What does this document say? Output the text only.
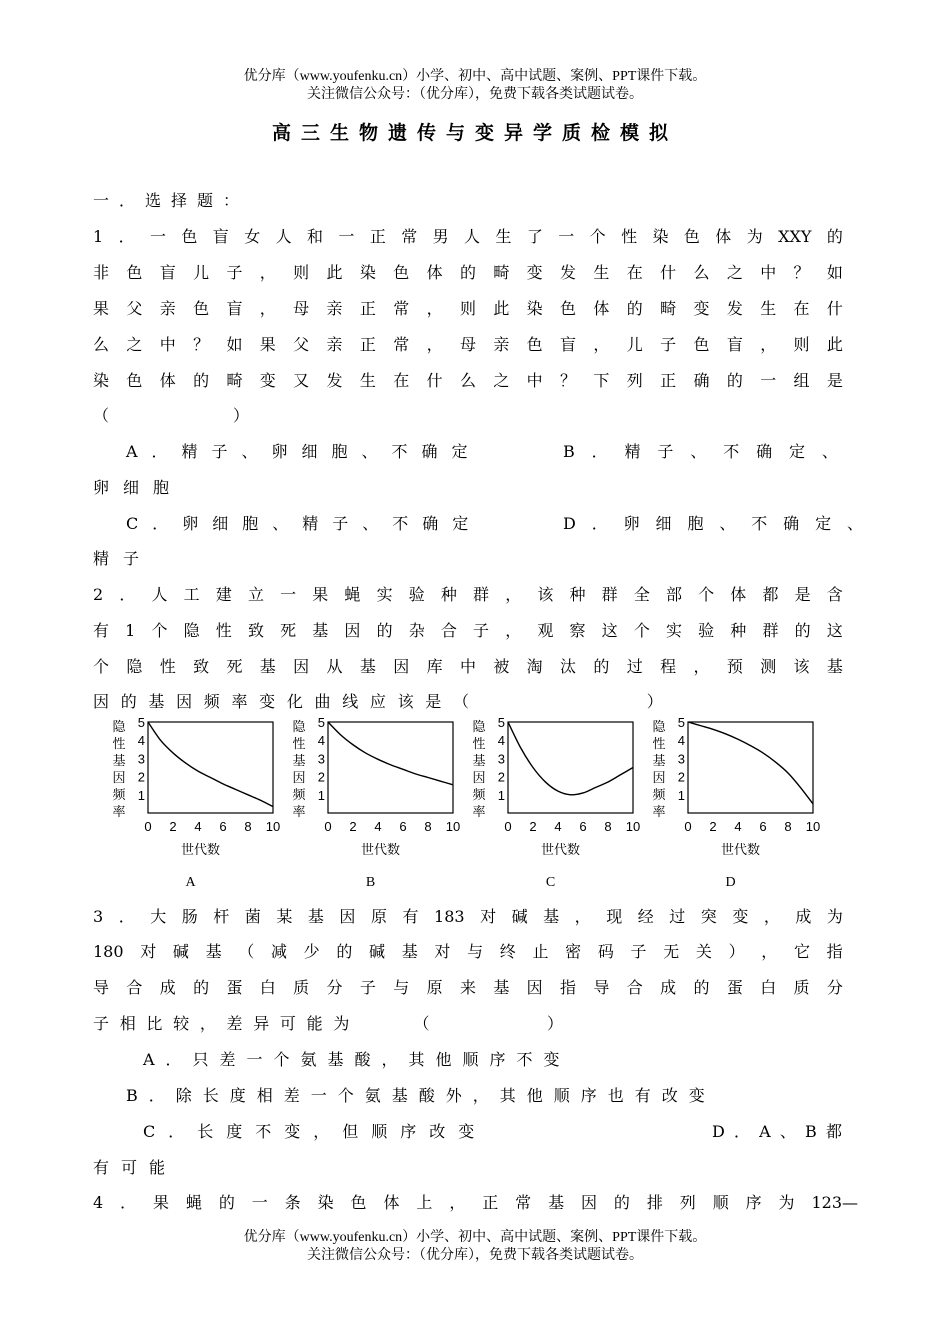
优分库（www.youfenku.cn）小学、初中、高中试题、案例、PPT课件下载。
关注微信公众号：（优分库），免费下载各类试题试卷。
高三生物遗传与变异学质检模拟
一．选择题：
1 ． 一 色 盲 女 人 和 一 正 常 男 人 生 了 一 个 性 染 色 体 为 XXY 的
非 色 盲 儿 子 ， 则 此 染 色 体 的 畸 变 发 生 在 什 么 之 中 ？ 如
果 父 亲 色 盲 ， 母 亲 正 常 ， 则 此 染 色 体 的 畸 变 发 生 在 什
么 之 中 ？ 如 果 父 亲 正 常 ， 母 亲 色 盲 ， 儿 子 色 盲 ， 则 此
染 色 体 的 畸 变 又 发 生 在 什 么 之 中 ？ 下 列 正 确 的 一 组 是
（　　　　　　）
A．精子、卵细胞、不确定	B ． 精 子 、 不 确 定 、
卵细胞
C．卵细胞、精子、不确定	D ． 卵 细 胞 、 不 确 定 、
精子
2 ． 人 工 建 立 一 果 蝇 实 验 种 群 ， 该 种 群 全 部 个 体 都 是 含
有 1 个 隐 性 致 死 基 因 的 杂 合 子 ， 观 察 这 个 实 验 种 群 的 这
个 隐 性 致 死 基 因 从 基 因 库 中 被 淘 汰 的 过 程 ， 预 测 该 基
因 的 基 因 频 率 变 化 曲 线 应 该 是 （

　	）
隐
性
基
因
频
率
1
2
3
4
5
0 2 4 6 8 10
世代数
A
隐
性
基
因
频
率
1
2
3
4
5
0 2 4 6 8 10
世代数
B
隐
性
基
因
频
率
1
2
3
4
5
0 2 4 6 8 10
世代数
C
隐
性
基
因
频
率
1
2
3
4
5
0 2 4 6 8 10
世代数
D
3 ． 大 肠 杆 菌 某 基 因 原 有 183 对 碱 基 ， 现 经 过 突 变 ， 成 为
180 对 碱 基 （ 减 少 的 碱 基 对 与 终 止 密 码 子 无 关 ） ， 它 指
导 合 成 的 蛋 白 质 分 子 与 原 来 基 因 指 导 合 成 的 蛋 白 质 分
子 相 比 较 ， 差 异 可 能 为

　	（

　	）
A．只差一个氨基酸，其他顺序不变
B．除长度相差一个氨基酸外，其他顺序也有改变
C．长度不变，但顺序改变	D ． A 、 B 都
有可能
4 ． 果 蝇 的 一 条 染 色 体 上 ， 正 常 基 因 的 排 列 顺 序 为 123—
优分库（www.youfenku.cn）小学、初中、高中试题、案例、PPT课件下载。
关注微信公众号：（优分库），免费下载各类试题试卷。
